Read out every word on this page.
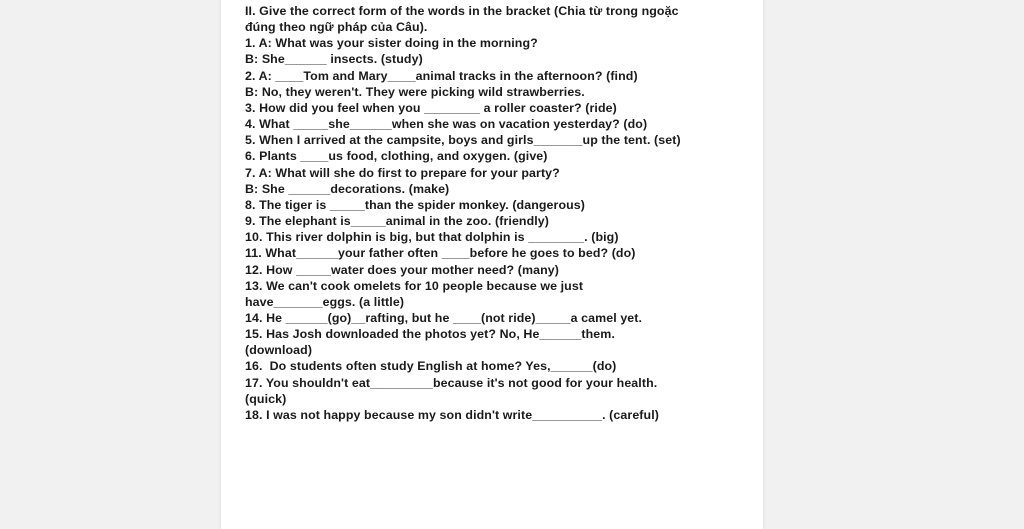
II. Give the correct form of the words in the bracket (Chia từ trong ngoặc
đúng theo ngữ pháp của Câu).
1. A: What was your sister doing in the morning?
B: She______ insects. (study)
2. A: ____Tom and Mary____animal tracks in the afternoon? (find)
B: No, they weren't. They were picking wild strawberries.
3. How did you feel when you ________ a roller coaster? (ride)
4. What _____she______when she was on vacation yesterday? (do)
5. When I arrived at the campsite, boys and girls_______up the tent. (set)
6. Plants ____us food, clothing, and oxygen. (give)
7. A: What will she do first to prepare for your party?
B: She ______decorations. (make)
8. The tiger is _____than the spider monkey. (dangerous)
9. The elephant is_____animal in the zoo. (friendly)
10. This river dolphin is big, but that dolphin is ________. (big)
11. What______your father often ____before he goes to bed? (do)
12. How _____water does your mother need? (many)
13. We can't cook omelets for 10 people because we just
have_______eggs. (a little)
14. He ______(go)__rafting, but he ____(not ride)_____a camel yet.
15. Has Josh downloaded the photos yet? No, He______them.
(download)
16.  Do students often study English at home? Yes,______(do)
17. You shouldn't eat_________because it's not good for your health.
(quick)
18. I was not happy because my son didn't write__________. (careful)
